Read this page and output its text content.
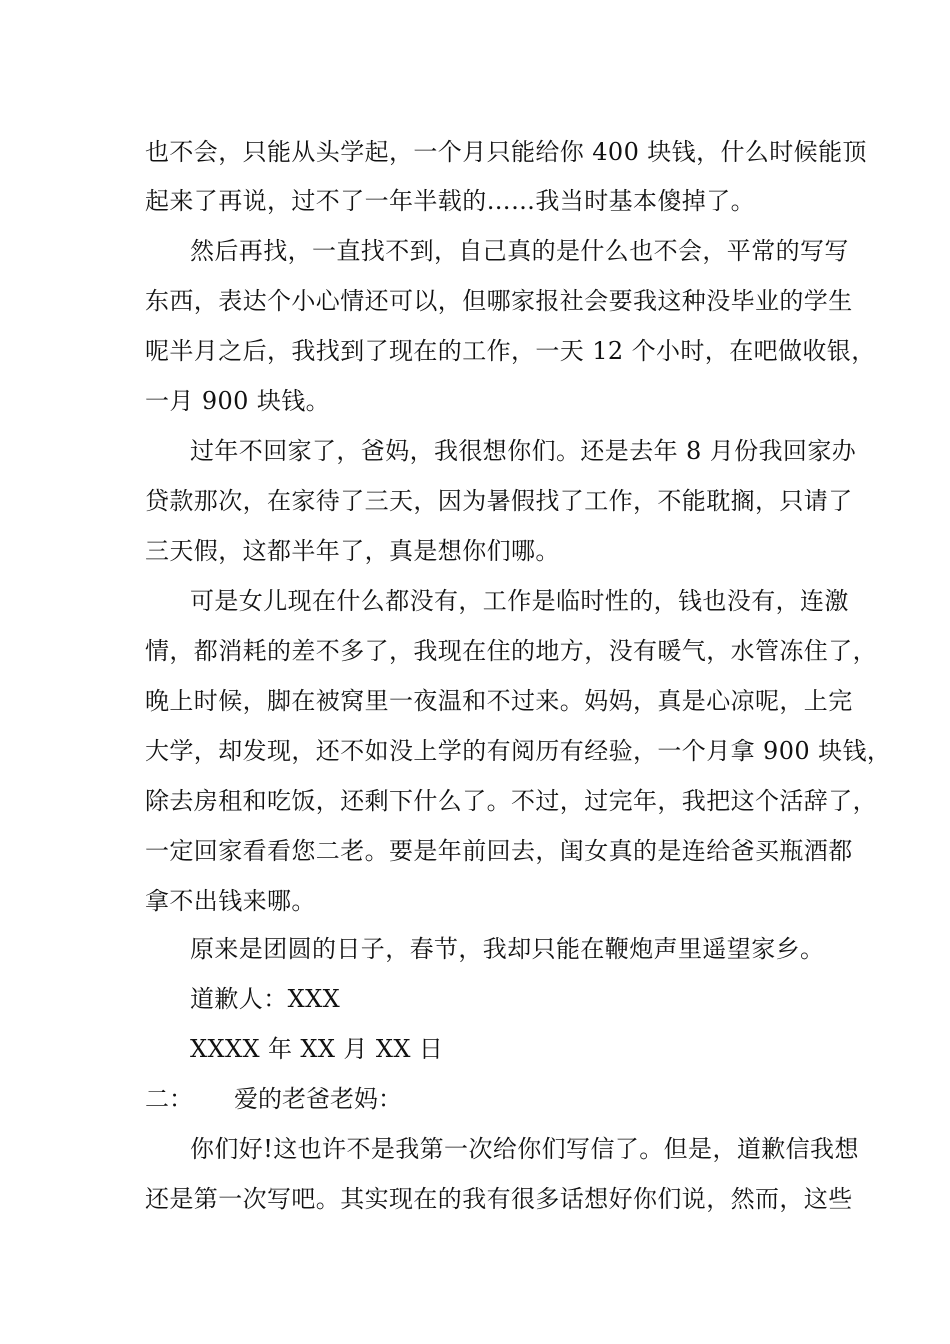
也不会，只能从头学起，一个月只能给你 400 块钱，什么时候能顶
起来了再说，过不了一年半载的……我当时基本傻掉了。
然后再找，一直找不到，自己真的是什么也不会，平常的写写
东西，表达个小心情还可以，但哪家报社会要我这种没毕业的学生
呢半月之后，我找到了现在的工作，一天 12 个小时，在吧做收银，
一月 900 块钱。
过年不回家了，爸妈，我很想你们。还是去年 8 月份我回家办
贷款那次，在家待了三天，因为暑假找了工作，不能耽搁，只请了
三天假，这都半年了，真是想你们哪。
可是女儿现在什么都没有，工作是临时性的，钱也没有，连激
情，都消耗的差不多了，我现在住的地方，没有暖气，水管冻住了，
晚上时候，脚在被窝里一夜温和不过来。妈妈，真是心凉呢，上完
大学，却发现，还不如没上学的有阅历有经验，一个月拿 900 块钱，
除去房租和吃饭，还剩下什么了。不过，过完年，我把这个活辞了，
一定回家看看您二老。要是年前回去，闺女真的是连给爸买瓶酒都
拿不出钱来哪。
原来是团圆的日子，春节，我却只能在鞭炮声里遥望家乡。
道歉人：XXX
XXXX 年 XX 月 XX 日
二： 爱的老爸老妈：
你们好!这也许不是我第一次给你们写信了。但是，道歉信我想
还是第一次写吧。其实现在的我有很多话想好你们说，然而，这些
